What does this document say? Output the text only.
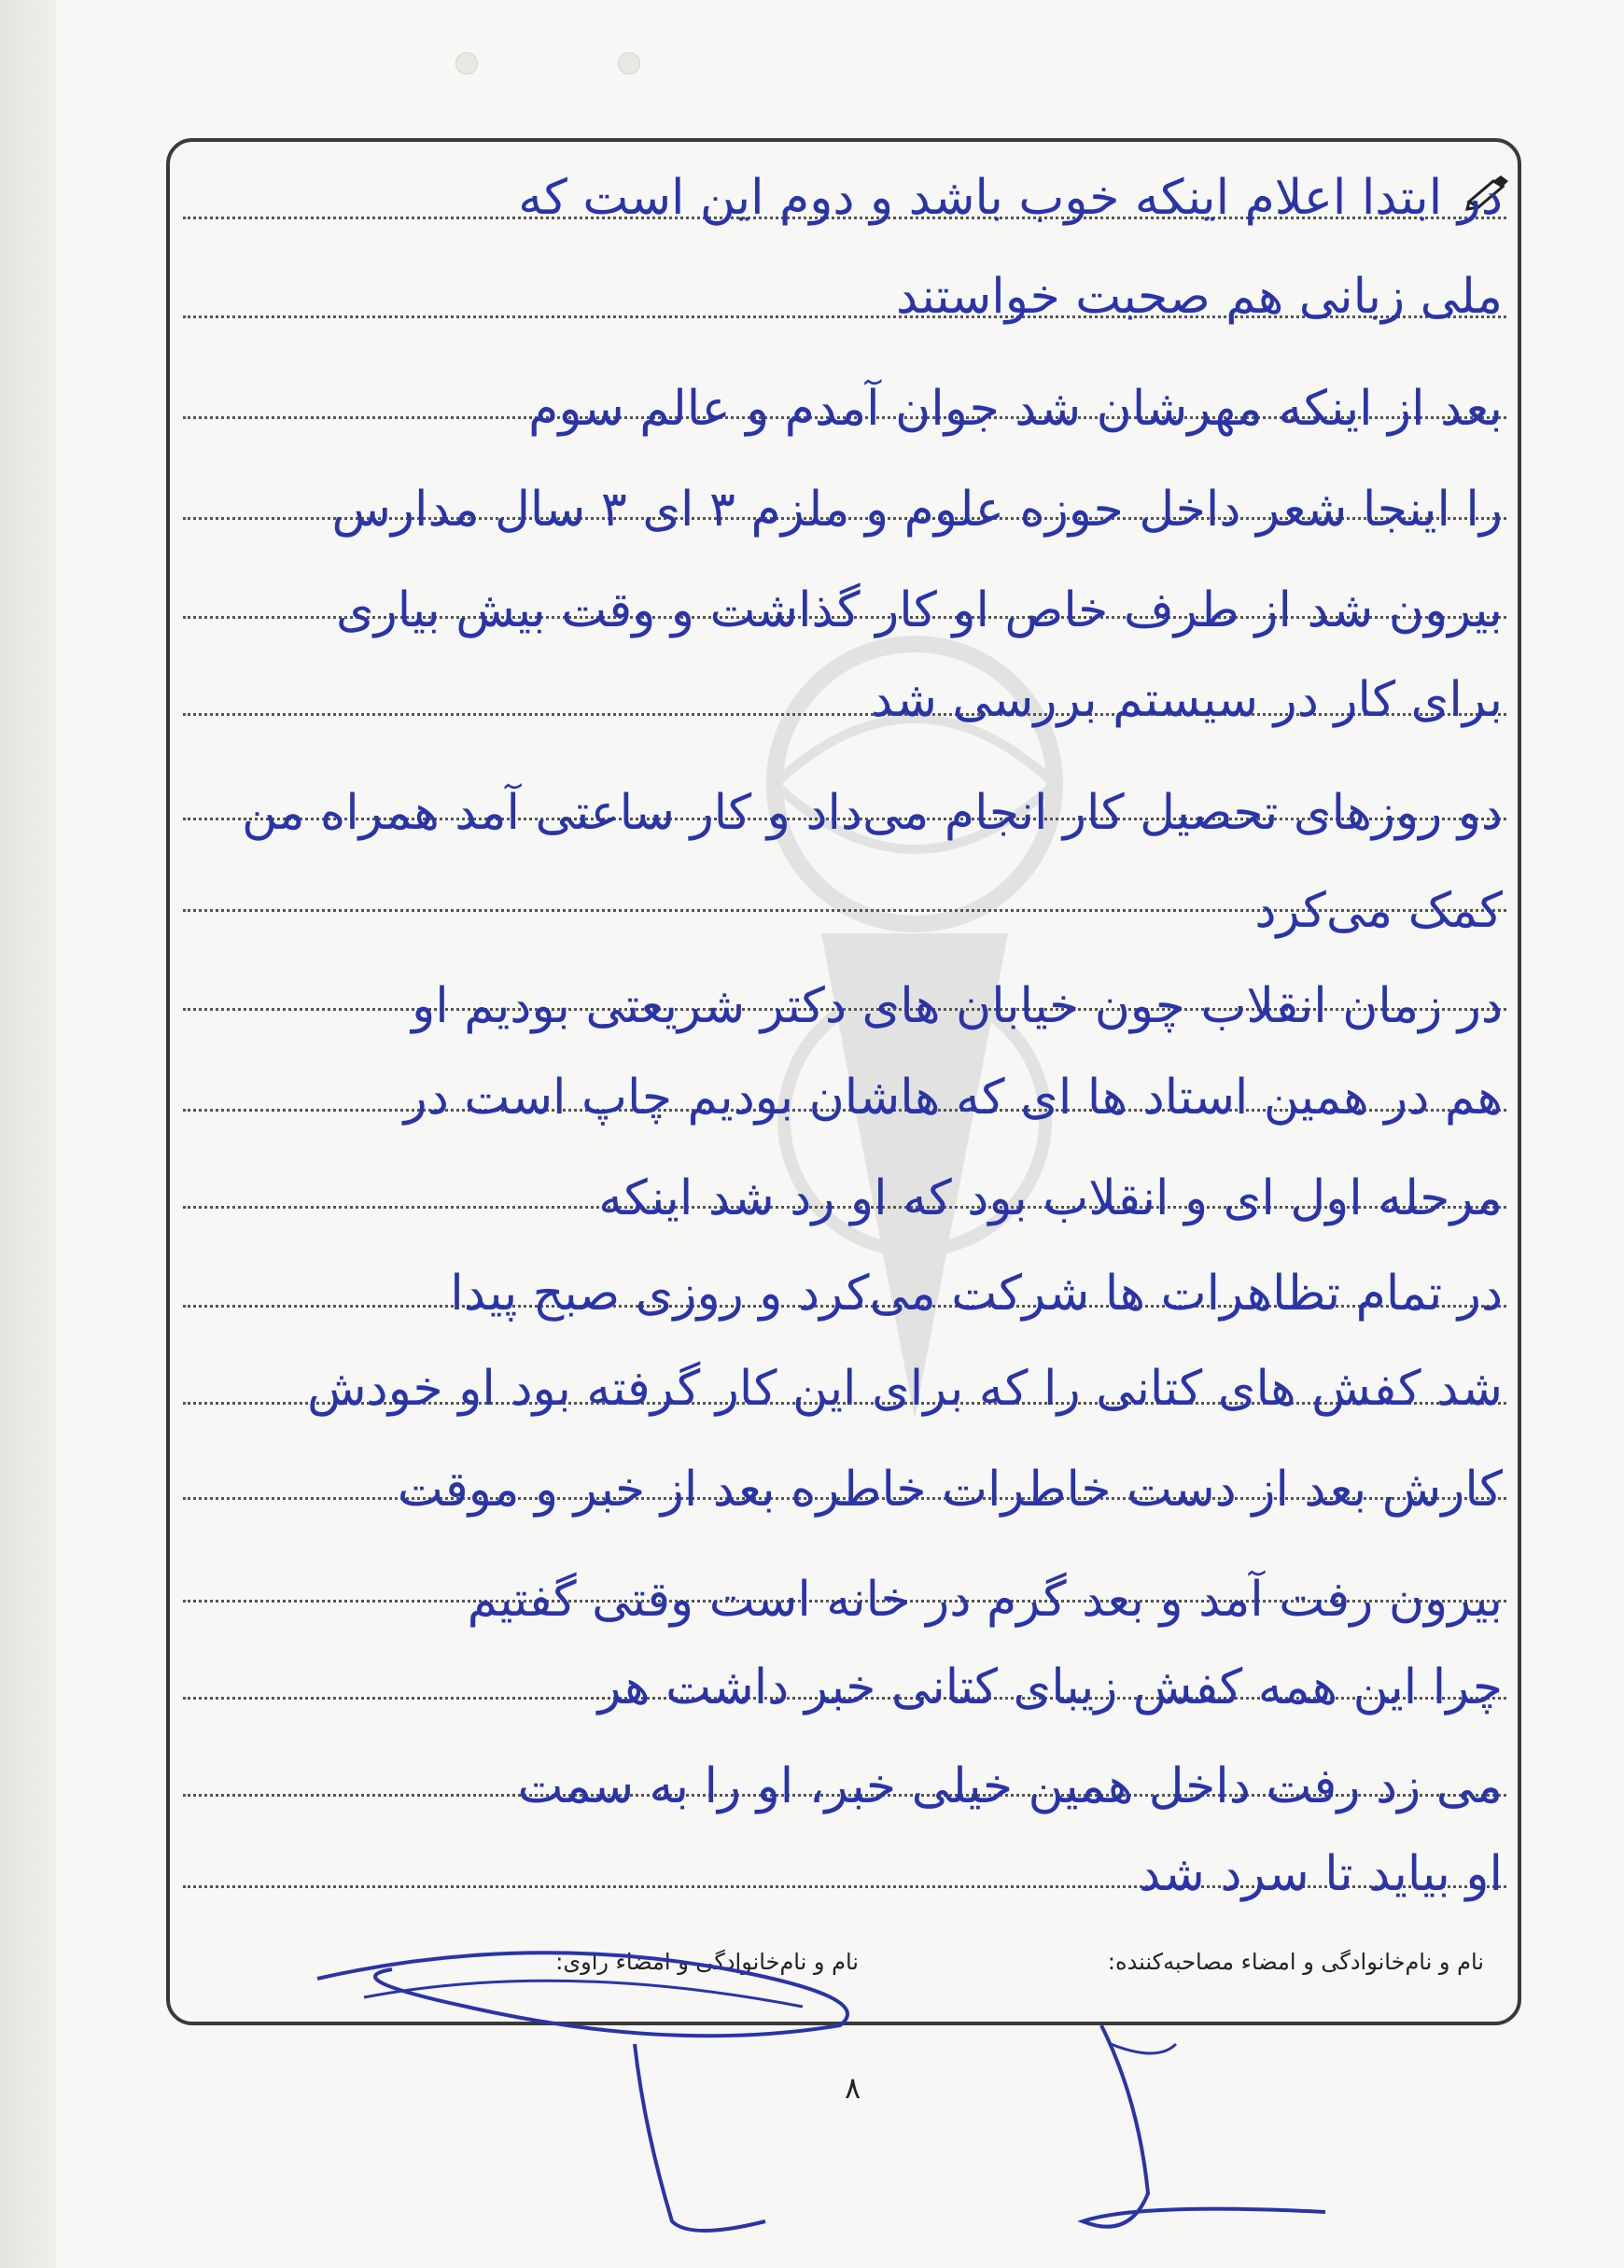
در ابتدا اعلام اینکه خوب باشد و دوم این است که
ملی زبانی هم صحبت خواستند
بعد از اینکه مهرشان شد جوان آمدم و عالم سوم
را اینجا شعر داخل حوزه علوم و ملزم ۳ ای ۳ سال مدارس
بیرون شد از طرف خاص او کار گذاشت و وقت بیش بیاری
برای کار در سیستم بررسی شد
دو روزهای تحصیل کار انجام می‌داد و کار ساعتی آمد همراه من
کمک می‌کرد
در زمان انقلاب چون خیابان های دکتر شریعتی بودیم او
هم در همین استاد ها ای که هاشان بودیم چاپ است در
مرحله اول ای و انقلاب بود که او رد شد اینکه
در تمام تظاهرات ها شرکت می‌کرد و روزی صبح پیدا
شد کفش های کتانی را که برای این کار گرفته بود او خودش
کارش بعد از دست خاطرات خاطره بعد از خبر و موقت
بیرون رفت آمد و بعد گرم در خانه است وقتی گفتیم
چرا این همه کفش زیبای کتانی خبر داشت هر
می زد رفت داخل همین خیلی خبر، او را به سمت
او بیاید تا سرد شد
نام و نام‌خانوادگی و امضاء مصاحبه‌کننده:
نام و نام‌خانوادگی و امضاء راوی:
۸
